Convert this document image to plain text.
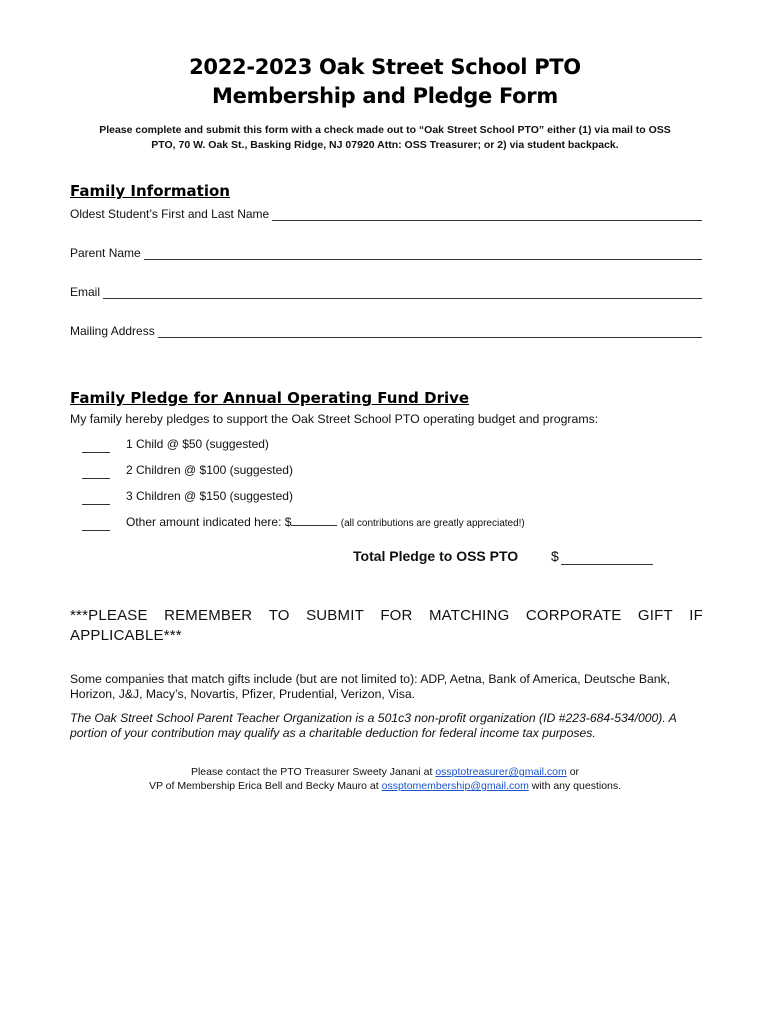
2022-2023 Oak Street School PTO
Membership and Pledge Form
Please complete and submit this form with a check made out to “Oak Street School PTO” either (1) via mail to OSS
PTO, 70 W. Oak St., Basking Ridge, NJ 07920 Attn: OSS Treasurer; or 2) via student backpack.
Family Information
Oldest Student’s First and Last Name
Parent Name
Email
Mailing Address
Family Pledge for Annual Operating Fund Drive
My family hereby pledges to support the Oak Street School PTO operating budget and programs:
1 Child @ $50 (suggested)
2 Children @ $100 (suggested)
3 Children @ $150 (suggested)
Other amount indicated here: $	(all contributions are greatly appreciated!)
Total Pledge to OSS PTO $
***PLEASE REMEMBER TO SUBMIT FOR MATCHING CORPORATE GIFT IF
APPLICABLE***
Some companies that match gifts include (but are not limited to): ADP, Aetna, Bank of America, Deutsche Bank,
Horizon, J&J, Macy’s, Novartis, Pfizer, Prudential, Verizon, Visa.
The Oak Street School Parent Teacher Organization is a 501c3 non-profit organization (ID #223-684-534/000). A
portion of your contribution may qualify as a charitable deduction for federal income tax purposes.
Please contact the PTO Treasurer Sweety Janani at ossptotreasurer@gmail.com or
VP of Membership Erica Bell and Becky Mauro at ossptomembership@gmail.com with any questions.
